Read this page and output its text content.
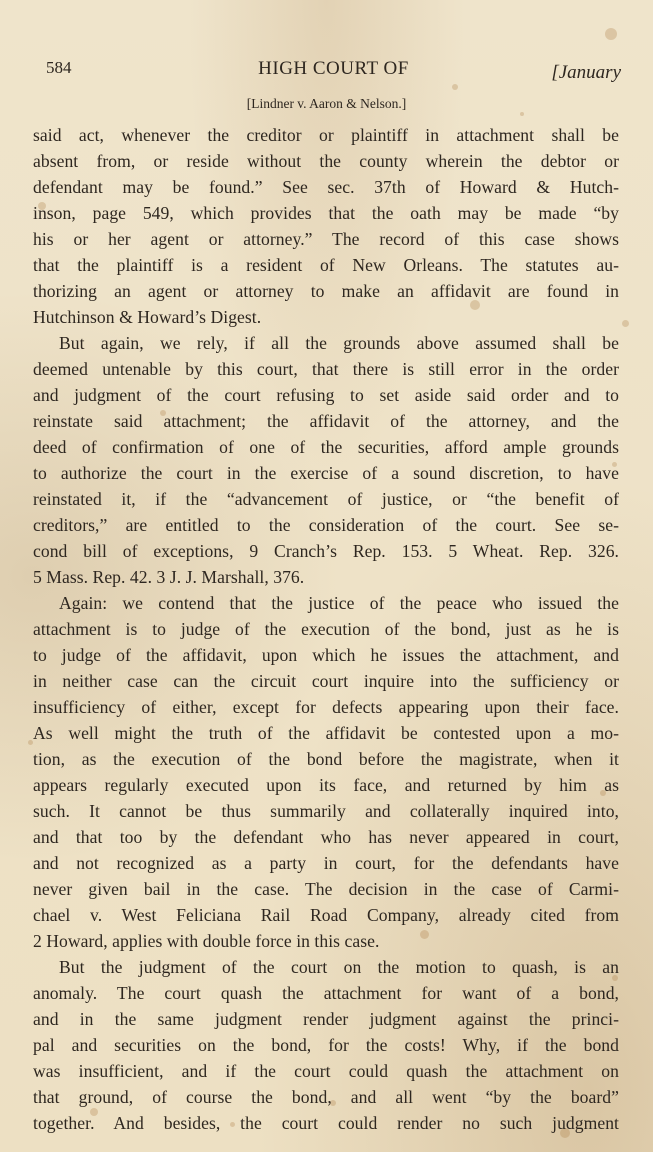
584	HIGH COURT OF	[January
[Lindner v. Aaron & Nelson.]
said act, whenever the creditor or plaintiff in attachment shall be
absent from, or reside without the county wherein the debtor or
defendant may be found.” See sec. 37th of Howard & Hutch-
inson, page 549, which provides that the oath may be made “by
his or her agent or attorney.” The record of this case shows
that the plaintiff is a resident of New Orleans. The statutes au-
thorizing an agent or attorney to make an affidavit are found in
Hutchinson & Howard’s Digest.
But again, we rely, if all the grounds above assumed shall be
deemed untenable by this court, that there is still error in the order
and judgment of the court refusing to set aside said order and to
reinstate said attachment; the affidavit of the attorney, and the
deed of confirmation of one of the securities, afford ample grounds
to authorize the court in the exercise of a sound discretion, to have
reinstated it, if the “advancement of justice, or “the benefit of
creditors,” are entitled to the consideration of the court. See se-
cond bill of exceptions, 9 Cranch’s Rep. 153. 5 Wheat. Rep. 326.
5 Mass. Rep. 42. 3 J. J. Marshall, 376.
Again: we contend that the justice of the peace who issued the
attachment is to judge of the execution of the bond, just as he is
to judge of the affidavit, upon which he issues the attachment, and
in neither case can the circuit court inquire into the sufficiency or
insufficiency of either, except for defects appearing upon their face.
As well might the truth of the affidavit be contested upon a mo-
tion, as the execution of the bond before the magistrate, when it
appears regularly executed upon its face, and returned by him as
such. It cannot be thus summarily and collaterally inquired into,
and that too by the defendant who has never appeared in court,
and not recognized as a party in court, for the defendants have
never given bail in the case. The decision in the case of Carmi-
chael v. West Feliciana Rail Road Company, already cited from
2 Howard, applies with double force in this case.
But the judgment of the court on the motion to quash, is an
anomaly. The court quash the attachment for want of a bond,
and in the same judgment render judgment against the princi-
pal and securities on the bond, for the costs! Why, if the bond
was insufficient, and if the court could quash the attachment on
that ground, of course the bond, and all went “by the board”
together. And besides, the court could render no such judgment
